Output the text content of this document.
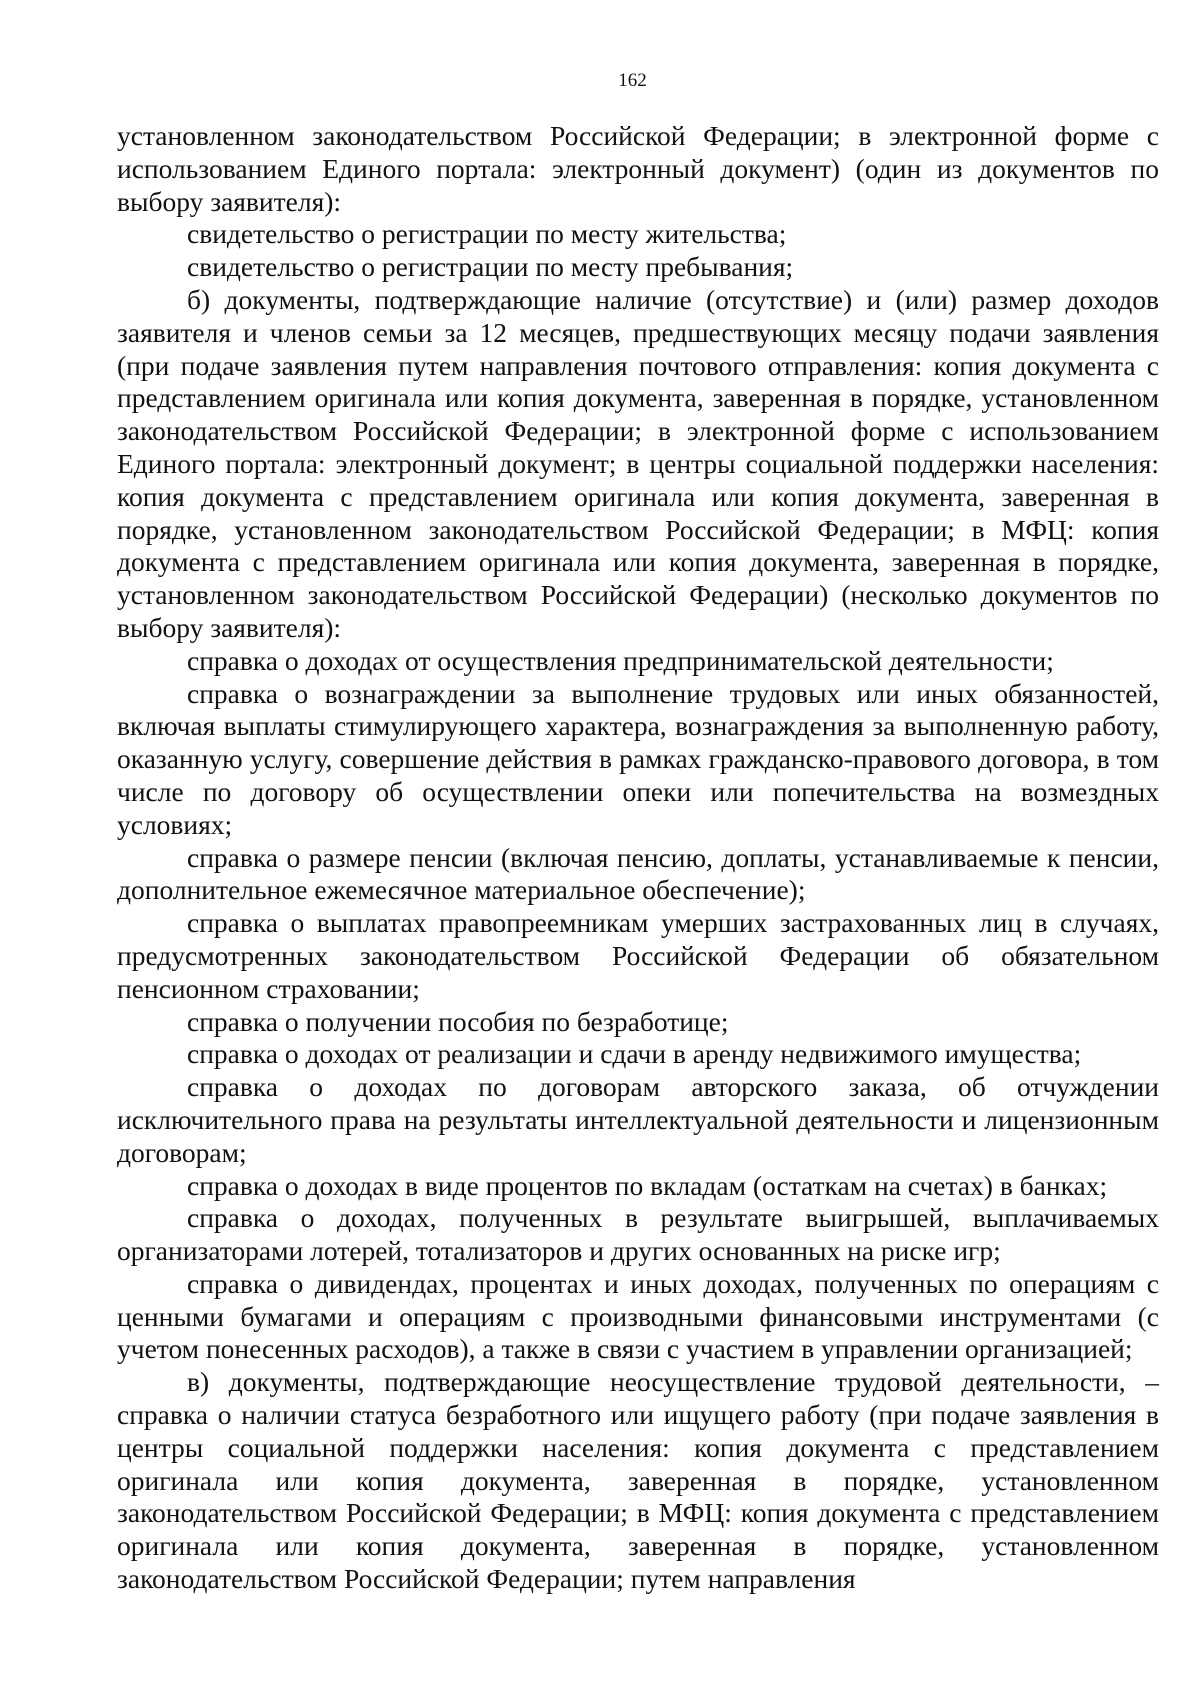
162

установленном законодательством Российской Федерации; в электронной форме с использованием Единого портала: электронный документ) (один из документов по выбору заявителя):

свидетельство о регистрации по месту жительства;

свидетельство о регистрации по месту пребывания;

б) документы, подтверждающие наличие (отсутствие) и (или) размер доходов заявителя и членов семьи за 12 месяцев, предшествующих месяцу подачи заявления (при подаче заявления путем направления почтового отправления: копия документа с представлением оригинала или копия документа, заверенная в порядке, установленном законодательством Российской Федерации; в электронной форме с использованием Единого портала: электронный документ; в центры социальной поддержки населения: копия документа с представлением оригинала или копия документа, заверенная в порядке, установленном законодательством Российской Федерации; в МФЦ: копия документа с представлением оригинала или копия документа, заверенная в порядке, установленном законодательством Российской Федерации) (несколько документов по выбору заявителя):

справка о доходах от осуществления предпринимательской деятельности;

справка о вознаграждении за выполнение трудовых или иных обязанностей, включая выплаты стимулирующего характера, вознаграждения за выполненную работу, оказанную услугу, совершение действия в рамках гражданско-правового договора, в том числе по договору об осуществлении опеки или попечительства на возмездных условиях;

справка о размере пенсии (включая пенсию, доплаты, устанавливаемые к пенсии, дополнительное ежемесячное материальное обеспечение);

справка о выплатах правопреемникам умерших застрахованных лиц в случаях, предусмотренных законодательством Российской Федерации об обязательном пенсионном страховании;

справка о получении пособия по безработице;

справка о доходах от реализации и сдачи в аренду недвижимого имущества;

справка о доходах по договорам авторского заказа, об отчуждении исключительного права на результаты интеллектуальной деятельности и лицензионным договорам;

справка о доходах в виде процентов по вкладам (остаткам на счетах) в банках;

справка о доходах, полученных в результате выигрышей, выплачиваемых организаторами лотерей, тотализаторов и других основанных на риске игр;

справка о дивидендах, процентах и иных доходах, полученных по операциям с ценными бумагами и операциям с производными финансовыми инструментами (с учетом понесенных расходов), а также в связи с участием в управлении организацией;

в) документы, подтверждающие неосуществление трудовой деятельности, – справка о наличии статуса безработного или ищущего работу (при подаче заявления в центры социальной поддержки населения: копия документа с представлением оригинала или копия документа, заверенная в порядке, установленном законодательством Российской Федерации; в МФЦ: копия документа с представлением оригинала или копия документа, заверенная в порядке, установленном законодательством Российской Федерации; путем направления
